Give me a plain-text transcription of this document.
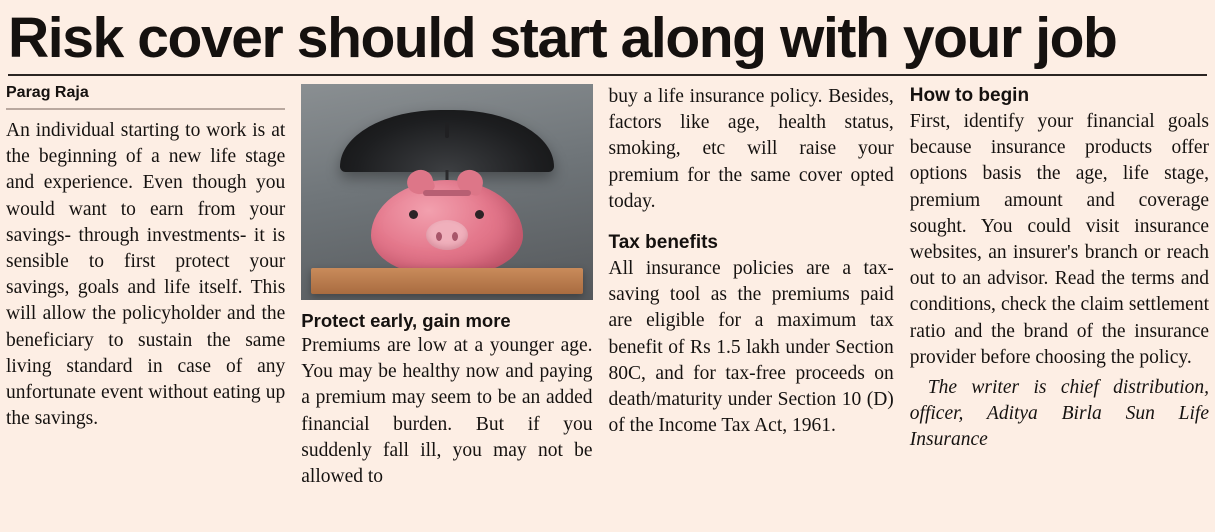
Risk cover should start along with your job
Parag Raja

An individual starting to work is at the beginning of a new life stage and experience. Even though you would want to earn from your savings- through investments- it is sensible to first protect your savings, goals and life itself. This will allow the policyholder and the beneficiary to sustain the same living standard in case of any unfortunate event without eating up the savings.

Protect early, gain more

Premiums are low at a younger age. You may be healthy now and paying a premium may seem to be an added financial burden. But if you suddenly fall ill, you may not be allowed to

buy a life insurance policy. Besides, factors like age, health status, smoking, etc will raise your premium for the same cover opted today.

Tax benefits

All insurance policies are a tax-saving tool as the premiums paid are eligible for a maximum tax benefit of Rs 1.5 lakh under Section 80C, and for tax-free proceeds on death/maturity under Section 10 (D) of the Income Tax Act, 1961.

How to begin

First, identify your financial goals because insurance products offer options basis the age, life stage, premium amount and coverage sought. You could visit insurance websites, an insurer's branch or reach out to an advisor. Read the terms and conditions, check the claim settlement ratio and the brand of the insurance provider before choosing the policy.

The writer is chief distribution, officer, Aditya Birla Sun Life Insurance
